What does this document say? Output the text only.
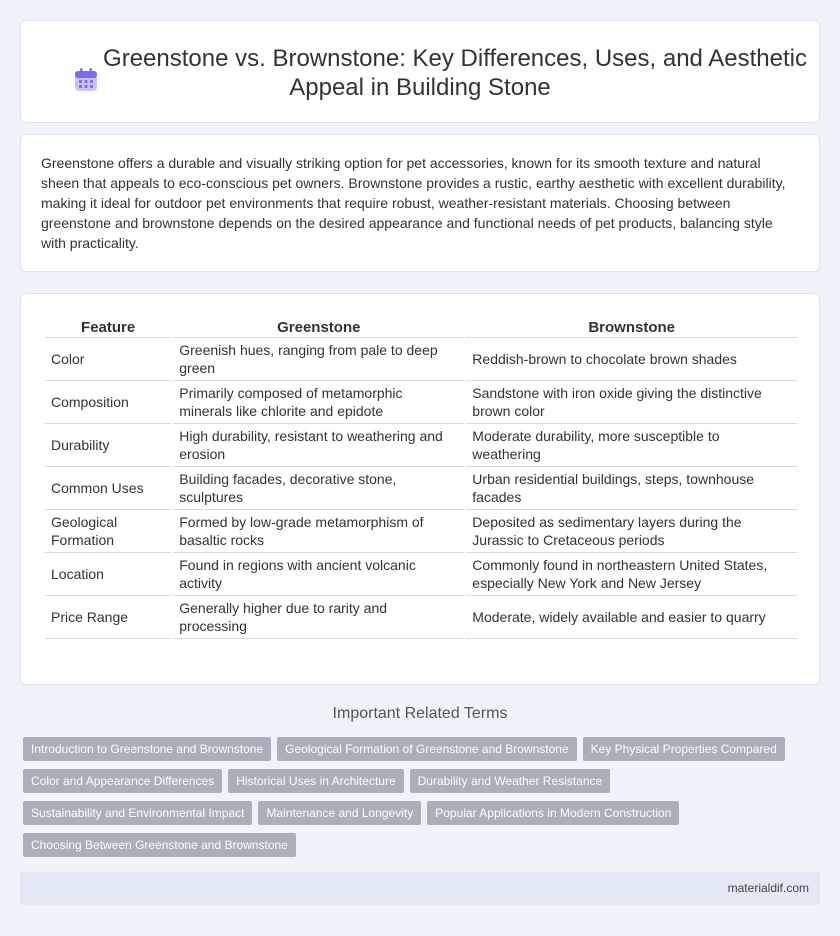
Greenstone vs. Brownstone: Key Differences, Uses, and Aesthetic Appeal in Building Stone

Greenstone offers a durable and visually striking option for pet accessories, known for its smooth texture and natural sheen that appeals to eco-conscious pet owners. Brownstone provides a rustic, earthy aesthetic with excellent durability, making it ideal for outdoor pet environments that require robust, weather-resistant materials. Choosing between greenstone and brownstone depends on the desired appearance and functional needs of pet products, balancing style with practicality.

Feature	Greenstone	Brownstone
Color	Greenish hues, ranging from pale to deep green	Reddish-brown to chocolate brown shades
Composition	Primarily composed of metamorphic minerals like chlorite and epidote	Sandstone with iron oxide giving the distinctive brown color
Durability	High durability, resistant to weathering and erosion	Moderate durability, more susceptible to weathering
Common Uses	Building facades, decorative stone, sculptures	Urban residential buildings, steps, townhouse facades
Geological Formation	Formed by low-grade metamorphism of basaltic rocks	Deposited as sedimentary layers during the Jurassic to Cretaceous periods
Location	Found in regions with ancient volcanic activity	Commonly found in northeastern United States, especially New York and New Jersey
Price Range	Generally higher due to rarity and processing	Moderate, widely available and easier to quarry
Important Related Terms
Introduction to Greenstone and Brownstone	Geological Formation of Greenstone and Brownstone	Key Physical Properties Compared
Color and Appearance Differences	Historical Uses in Architecture	Durability and Weather Resistance
Sustainability and Environmental Impact	Maintenance and Longevity	Popular Applications in Modern Construction
Choosing Between Greenstone and Brownstone
materialdif.com
